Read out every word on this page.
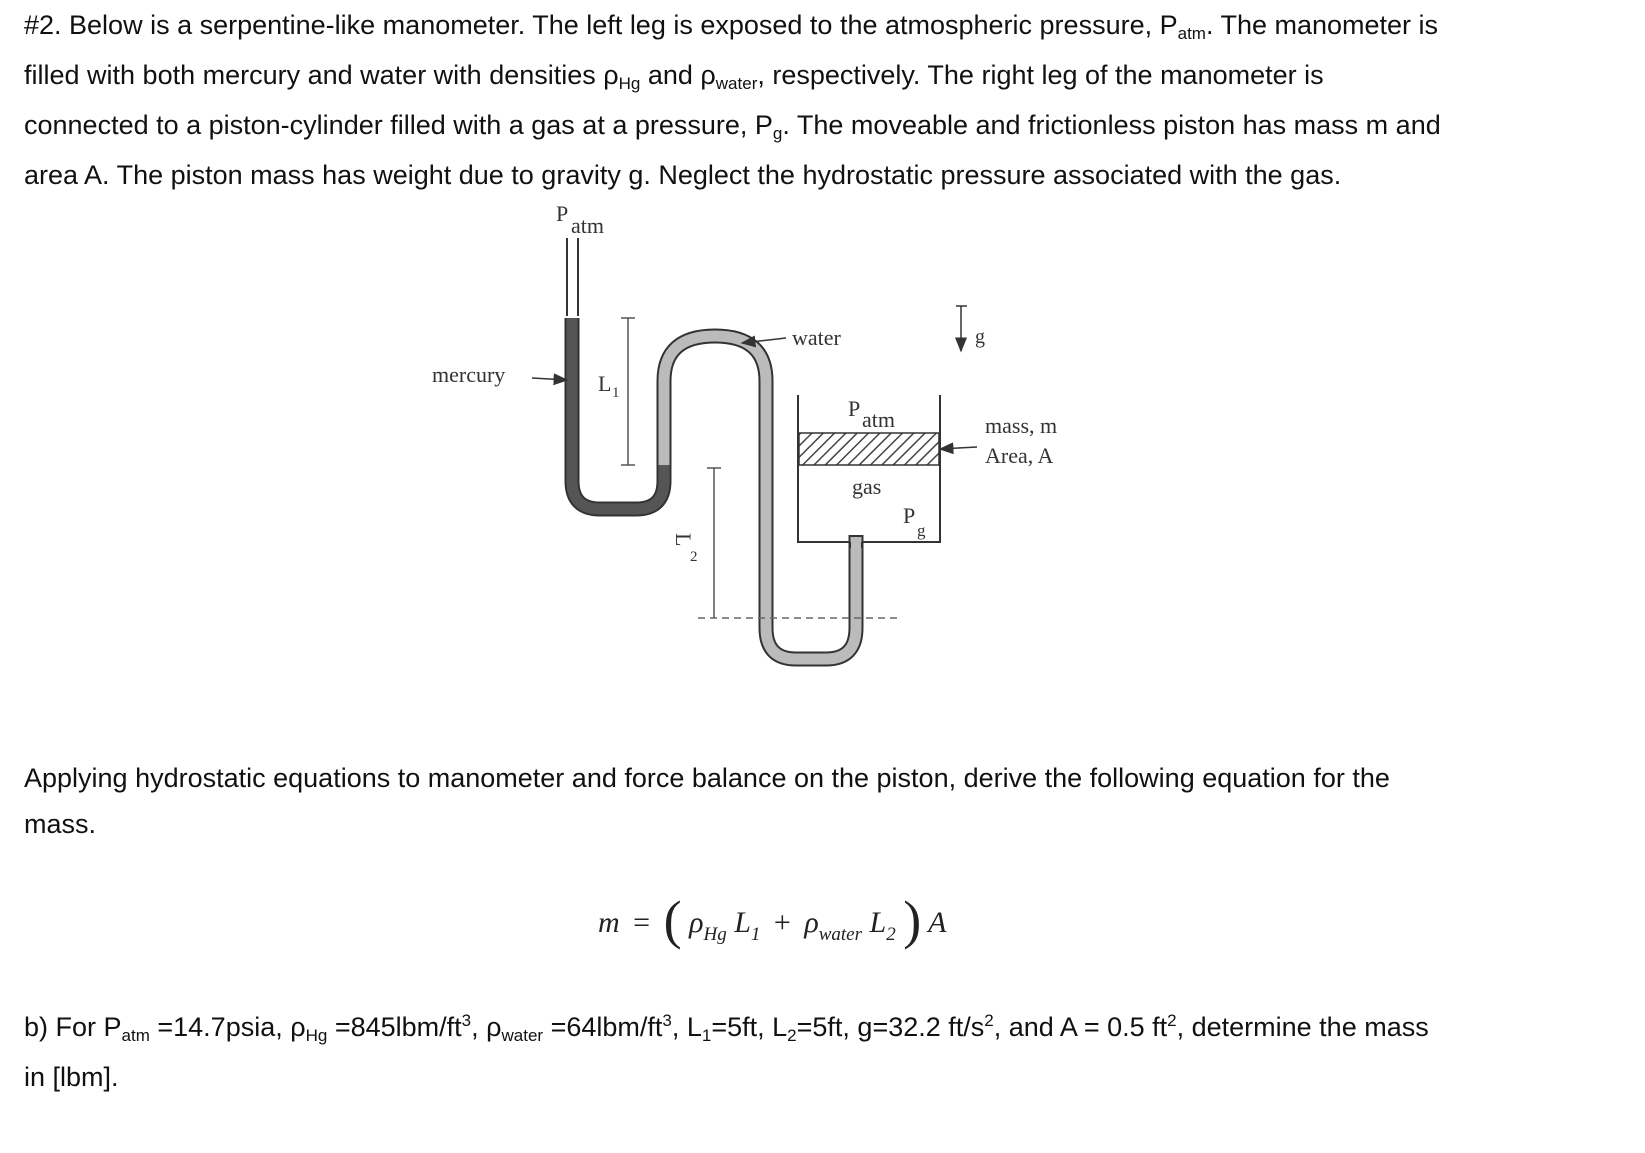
#2. Below is a serpentine-like manometer. The left leg is exposed to the atmospheric pressure, Patm. The manometer is
filled with both mercury and water with densities ρHg and ρwater, respectively. The right leg of the manometer is
connected to a piston-cylinder filled with a gas at a pressure, Pg. The moveable and frictionless piston has mass m and
area A. The piston mass has weight due to gravity g. Neglect the hydrostatic pressure associated with the gas.
P atm
mercury	L 1
L
2
water
P atm
gas
P
g
g
mass, m
Area, A
Applying hydrostatic equations to manometer and force balance on the piston, derive the following equation for the
mass.
m = ( $\rho_{Hg}$ $L_1 + \rho_{water}$ $L_2$ ) A
b) For Patm =14.7psia, $\rho Hg =845lbm/ft^3$, ρwater $=64lbm/ft^3$, L1=5ft, L2=5ft, g=32.2 $ft/s^2$, and A = 0.5 $ft^2$, determine the mass
in [lbm].
